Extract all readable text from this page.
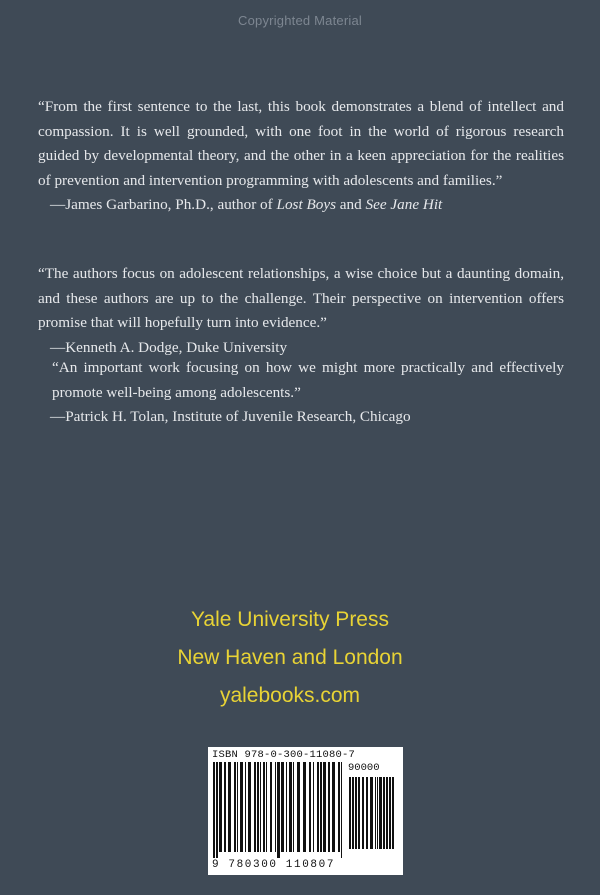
Copyrighted Material

“From the first sentence to the last, this book demonstrates a blend of intellect and compassion. It is well grounded, with one foot in the world of rigorous research guided by developmental theory, and the other in a keen appreciation for the realities of prevention and intervention programming with adolescents and families.”

—James Garbarino, Ph.D., author of Lost Boys and See Jane Hit

“The authors focus on adolescent relationships, a wise choice but a daunting domain, and these authors are up to the challenge. Their perspective on intervention offers promise that will hopefully turn into evidence.”

—Kenneth A. Dodge, Duke University

“An important work focusing on how we might more practically and effectively promote well-being among adolescents.”

—Patrick H. Tolan, Institute of Juvenile Research, Chicago

Yale University Press
New Haven and London
yalebooks.com
ISBN 978-0-300-11080-7
90000
9 780300 110807
